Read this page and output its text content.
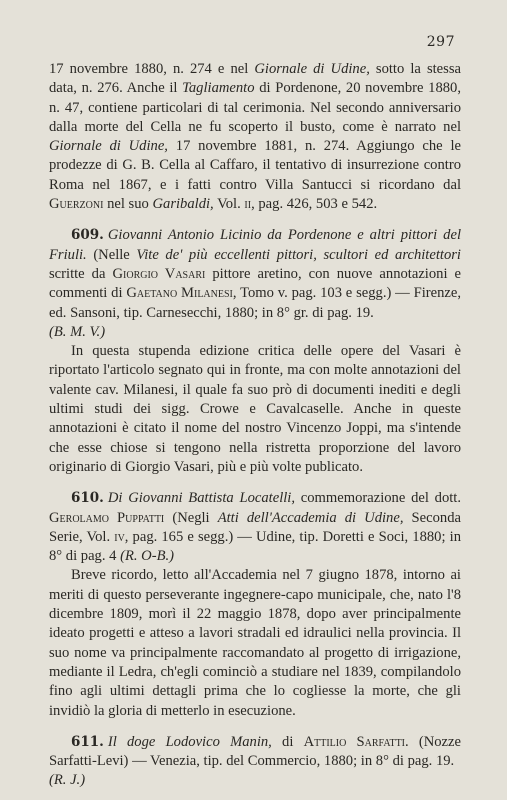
297

17 novembre 1880, n. 274 e nel Giornale di Udine, sotto la stessa data, n. 276. Anche il Tagliamento di Pordenone, 20 novembre 1880, n. 47, contiene particolari di tal cerimonia. Nel secondo anniversario dalla morte del Cella ne fu scoperto il busto, come è narrato nel Giornale di Udine, 17 novembre 1881, n. 274. Aggiungo che le prodezze di G. B. Cella al Caffaro, il tentativo di insurrezione contro Roma nel 1867, e i fatti contro Villa Santucci si ricordano dal Guerzoni nel suo Garibaldi, Vol. ii, pag. 426, 503 e 542.

609. Giovanni Antonio Licinio da Pordenone e altri pittori del Friuli. (Nelle Vite de' più eccellenti pittori, scultori ed architettori scritte da Giorgio Vasari pittore aretino, con nuove annotazioni e commenti di Gaetano Milanesi, Tomo v. pag. 103 e segg.) — Firenze, ed. Sansoni, tip. Carnesecchi, 1880; in 8° gr. di pag. 19.
(B. M. V.)

In questa stupenda edizione critica delle opere del Vasari è riportato l'articolo segnato qui in fronte, ma con molte annotazioni del valente cav. Milanesi, il quale fa suo prò di documenti inediti e degli ultimi studi dei sigg. Crowe e Cavalcaselle. Anche in queste annotazioni è citato il nome del nostro Vincenzo Joppi, ma s'intende che esse chiose si tengono nella ristretta proporzione del lavoro originario di Giorgio Vasari, più e più volte publicato.

610. Di Giovanni Battista Locatelli, commemorazione del dott. Gerolamo Puppatti (Negli Atti dell'Accademia di Udine, Seconda Serie, Vol. iv, pag. 165 e segg.) — Udine, tip. Doretti e Soci, 1880; in 8° di pag. 4 (R. O-B.)

Breve ricordo, letto all'Accademia nel 7 giugno 1878, intorno ai meriti di questo perseverante ingegnere-capo municipale, che, nato l'8 dicembre 1809, morì il 22 maggio 1878, dopo aver principalmente ideato progetti e atteso a lavori stradali ed idraulici nella provincia. Il suo nome va principalmente raccomandato al progetto di irrigazione, mediante il Ledra, ch'egli cominciò a studiare nel 1839, compilandolo fino agli ultimi dettagli prima che lo cogliesse la morte, che gli invidiò la gloria di metterlo in esecuzione.

611. Il doge Lodovico Manin, di Attilio Sarfatti. (Nozze Sarfatti-Levi) — Venezia, tip. del Commercio, 1880; in 8° di pag. 19.
(R. J.)
